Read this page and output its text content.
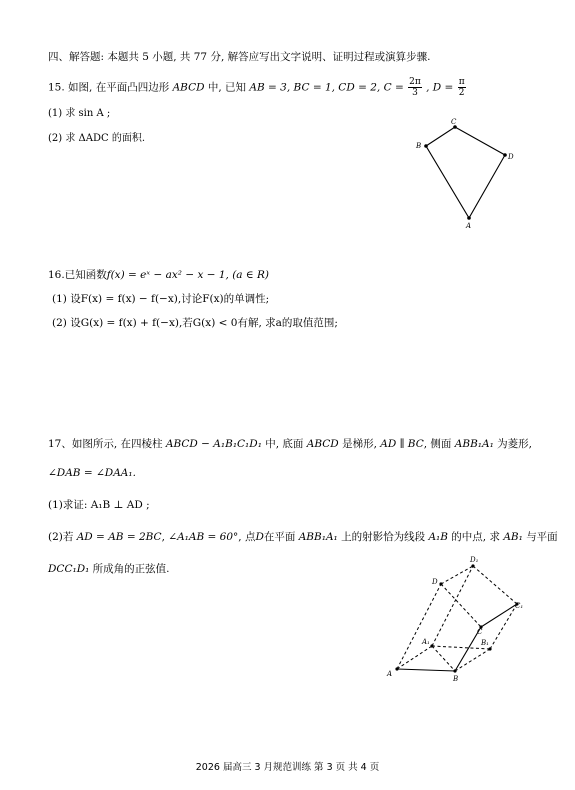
四、解答题: 本题共 5 小题, 共 77 分, 解答应写出文字说明、证明过程或演算步骤.
15. 如图, 在平面凸四边形 ABCD 中, 已知 AB = 3, BC = 1, CD = 2, $C = \frac{2\pi}{3}$ , $D = \frac{\pi}{2}$
(1) 求 sin A ;
(2) 求 ΔADC 的面积.
B
C
D
A
16.已知函数f(x) = eˣ − ax² − x − 1, (a ∈ R)
(1) 设F(x) = f(x) − f(−x),讨论F(x)的单调性;
(2) 设G(x) = f(x) + f(−x),若G(x) < 0有解, 求a的取值范围;
17、如图所示, 在四棱柱 ABCD − A₁B₁C₁D₁ 中, 底面 ABCD 是梯形, AD ∥ BC, 侧面 ABB₁A₁ 为菱形,
∠DAB = ∠DAA₁.
(1)求证: A₁B ⊥ AD ;
(2)若 AD = AB = 2BC, ∠A₁AB = 60°, 点D在平面 ABB₁A₁ 上的射影恰为线段 A₁B 的中点, 求 AB₁ 与平面
DCC₁D₁ 所成角的正弦值.
A
B
C
D
A₁	B₁
C₁
D₁
2026 届高三 3 月规范训练 第 3 页 共 4 页
